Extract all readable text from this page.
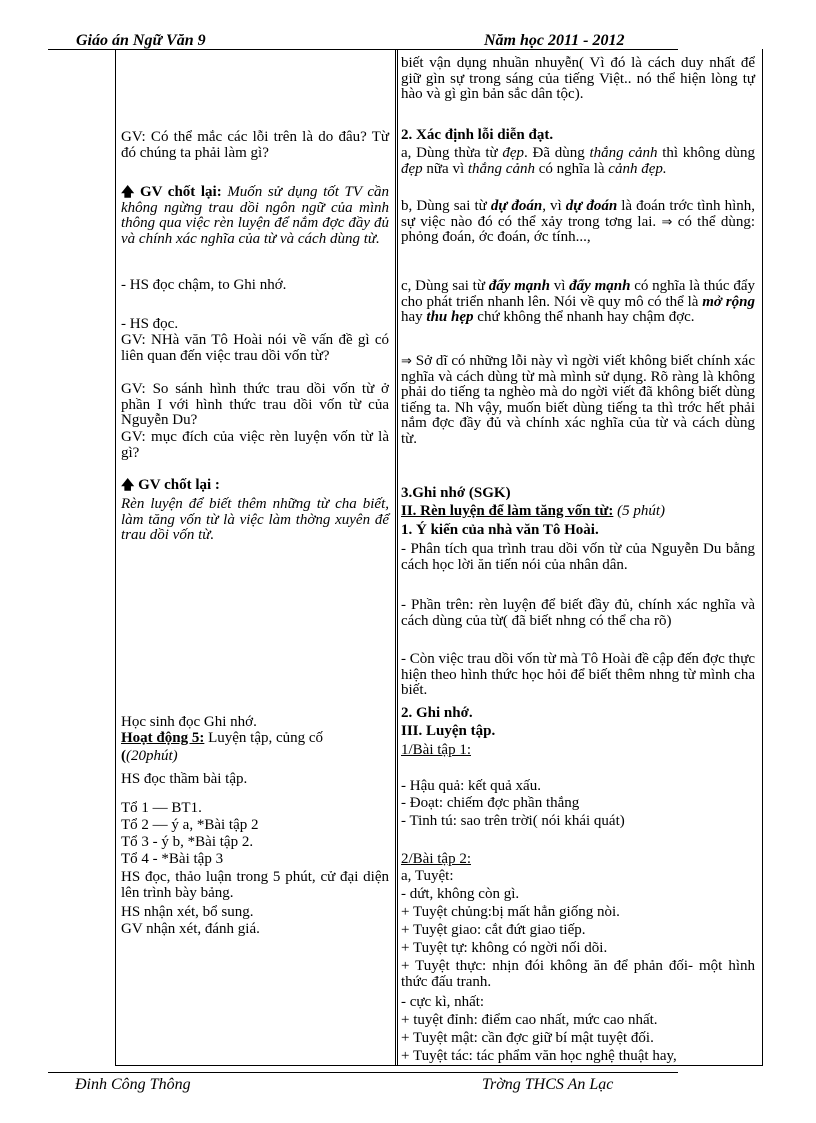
Giáo án Ngữ Văn 9	Năm học 2011 - 2012

GV: Có thể mắc các lỗi trên là do đâu? Từ đó chúng ta phải làm gì?

🡅 GV chốt lại: Muốn sử dụng tốt TV cần không ngừng trau dồi ngôn ngữ của mình thông qua việc rèn luyện để nắm đợc đầy đủ và chính xác nghĩa của từ và cách dùng từ.

- HS đọc chậm, to Ghi nhớ.

- HS đọc.

GV: NHà văn Tô Hoài nói về vấn đề gì có liên quan đến việc trau dồi vốn từ?

GV: So sánh hình thức trau dồi vốn từ ở phần I với hình thức trau dồi vốn từ của Nguyễn Du?

GV: mục đích của việc rèn luyện vốn từ là gì?

🡅 GV chốt lại :

Rèn luyện để biết thêm những từ cha biết, làm tăng vốn từ là việc làm thờng xuyên để trau dồi vốn từ.

Học sinh đọc Ghi nhớ.

Hoạt động 5: Luyện tập, củng cố

((20phút)

HS đọc thầm bài tập.

Tổ 1 — BT1.

Tổ 2 — ý a, *Bài tập 2

Tổ 3 - ý b, *Bài tập 2.

Tổ 4 - *Bài tập 3

HS đọc, thảo luận trong 5 phút, cử đại diện lên trình bày bảng.

HS nhận xét, bổ sung.

GV nhận xét, đánh giá.

biết vận dụng nhuần nhuyễn( Vì đó là cách duy nhất để giữ gìn sự trong sáng của tiếng Việt.. nó thể hiện lòng tự hào và gì gìn bản sắc dân tộc).

2. Xác định lỗi diễn đạt.

a, Dùng thừa từ đẹp. Đã dùng thắng cảnh thì không dùng đẹp nữa vì thắng cảnh có nghĩa là cảnh đẹp.

b, Dùng sai từ dự đoán, vì dự đoán là đoán trớc tình hình, sự việc nào đó có thể xảy trong tơng lai. ⇒ có thể dùng: phỏng đoán, ớc đoán, ớc tính...,

c, Dùng sai từ đẩy mạnh vì đẩy mạnh có nghĩa là thúc đẩy cho phát triển nhanh lên. Nói về quy mô có thể là mở rộng hay thu hẹp chứ không thể nhanh hay chậm đợc.

⇒ Sở dĩ có những lỗi này vì ngời viết không biết chính xác nghĩa và cách dùng từ mà mình sử dụng. Rõ ràng là không phải do tiếng ta nghèo mà do ngời viết đã không biết dùng tiếng ta. Nh vậy, muốn biết dùng tiếng ta thì trớc hết phải nắm đợc đầy đủ và chính xác nghĩa của từ và cách dùng từ.

3.Ghi nhớ (SGK)

II. Rèn luyện để làm tăng vốn từ: (5 phút)

1. Ý kiến của nhà văn Tô Hoài.

- Phân tích qua trình trau dồi vốn từ của Nguyễn Du bằng cách học lời ăn tiến nói của nhân dân.

- Phần trên: rèn luyện để biết đầy đủ, chính xác nghĩa và cách dùng của từ( đã biết nhng có thể cha rõ)

- Còn việc trau dồi vốn từ mà Tô Hoài đề cập đến đợc thực hiện theo hình thức học hỏi để biết thêm nhng từ mình cha biết.

2. Ghi nhớ.

III. Luyện tập.

1/Bài tập 1:

- Hậu quả: kết quả xấu.

- Đoạt: chiếm đợc phần thắng

- Tinh tú: sao trên trời( nói khái quát)

2/Bài tập 2:

a, Tuyệt:

- dứt, không còn gì.

+ Tuyệt chủng:bị mất hẳn giống nòi.

+ Tuyệt giao: cắt đứt giao tiếp.

+ Tuyệt tự: không có ngời nối dõi.

+ Tuyệt thực: nhịn đói không ăn để phản đối- một hình thức đấu tranh.

- cực kì, nhất:

+ tuyệt đỉnh: điểm cao nhất, mức cao nhất.

+ Tuyệt mật: cần đợc giữ bí mật tuyệt đối.

+ Tuyệt tác: tác phẩm văn học nghệ thuật hay,

Đinh Công Thông	Trờng THCS An Lạc
